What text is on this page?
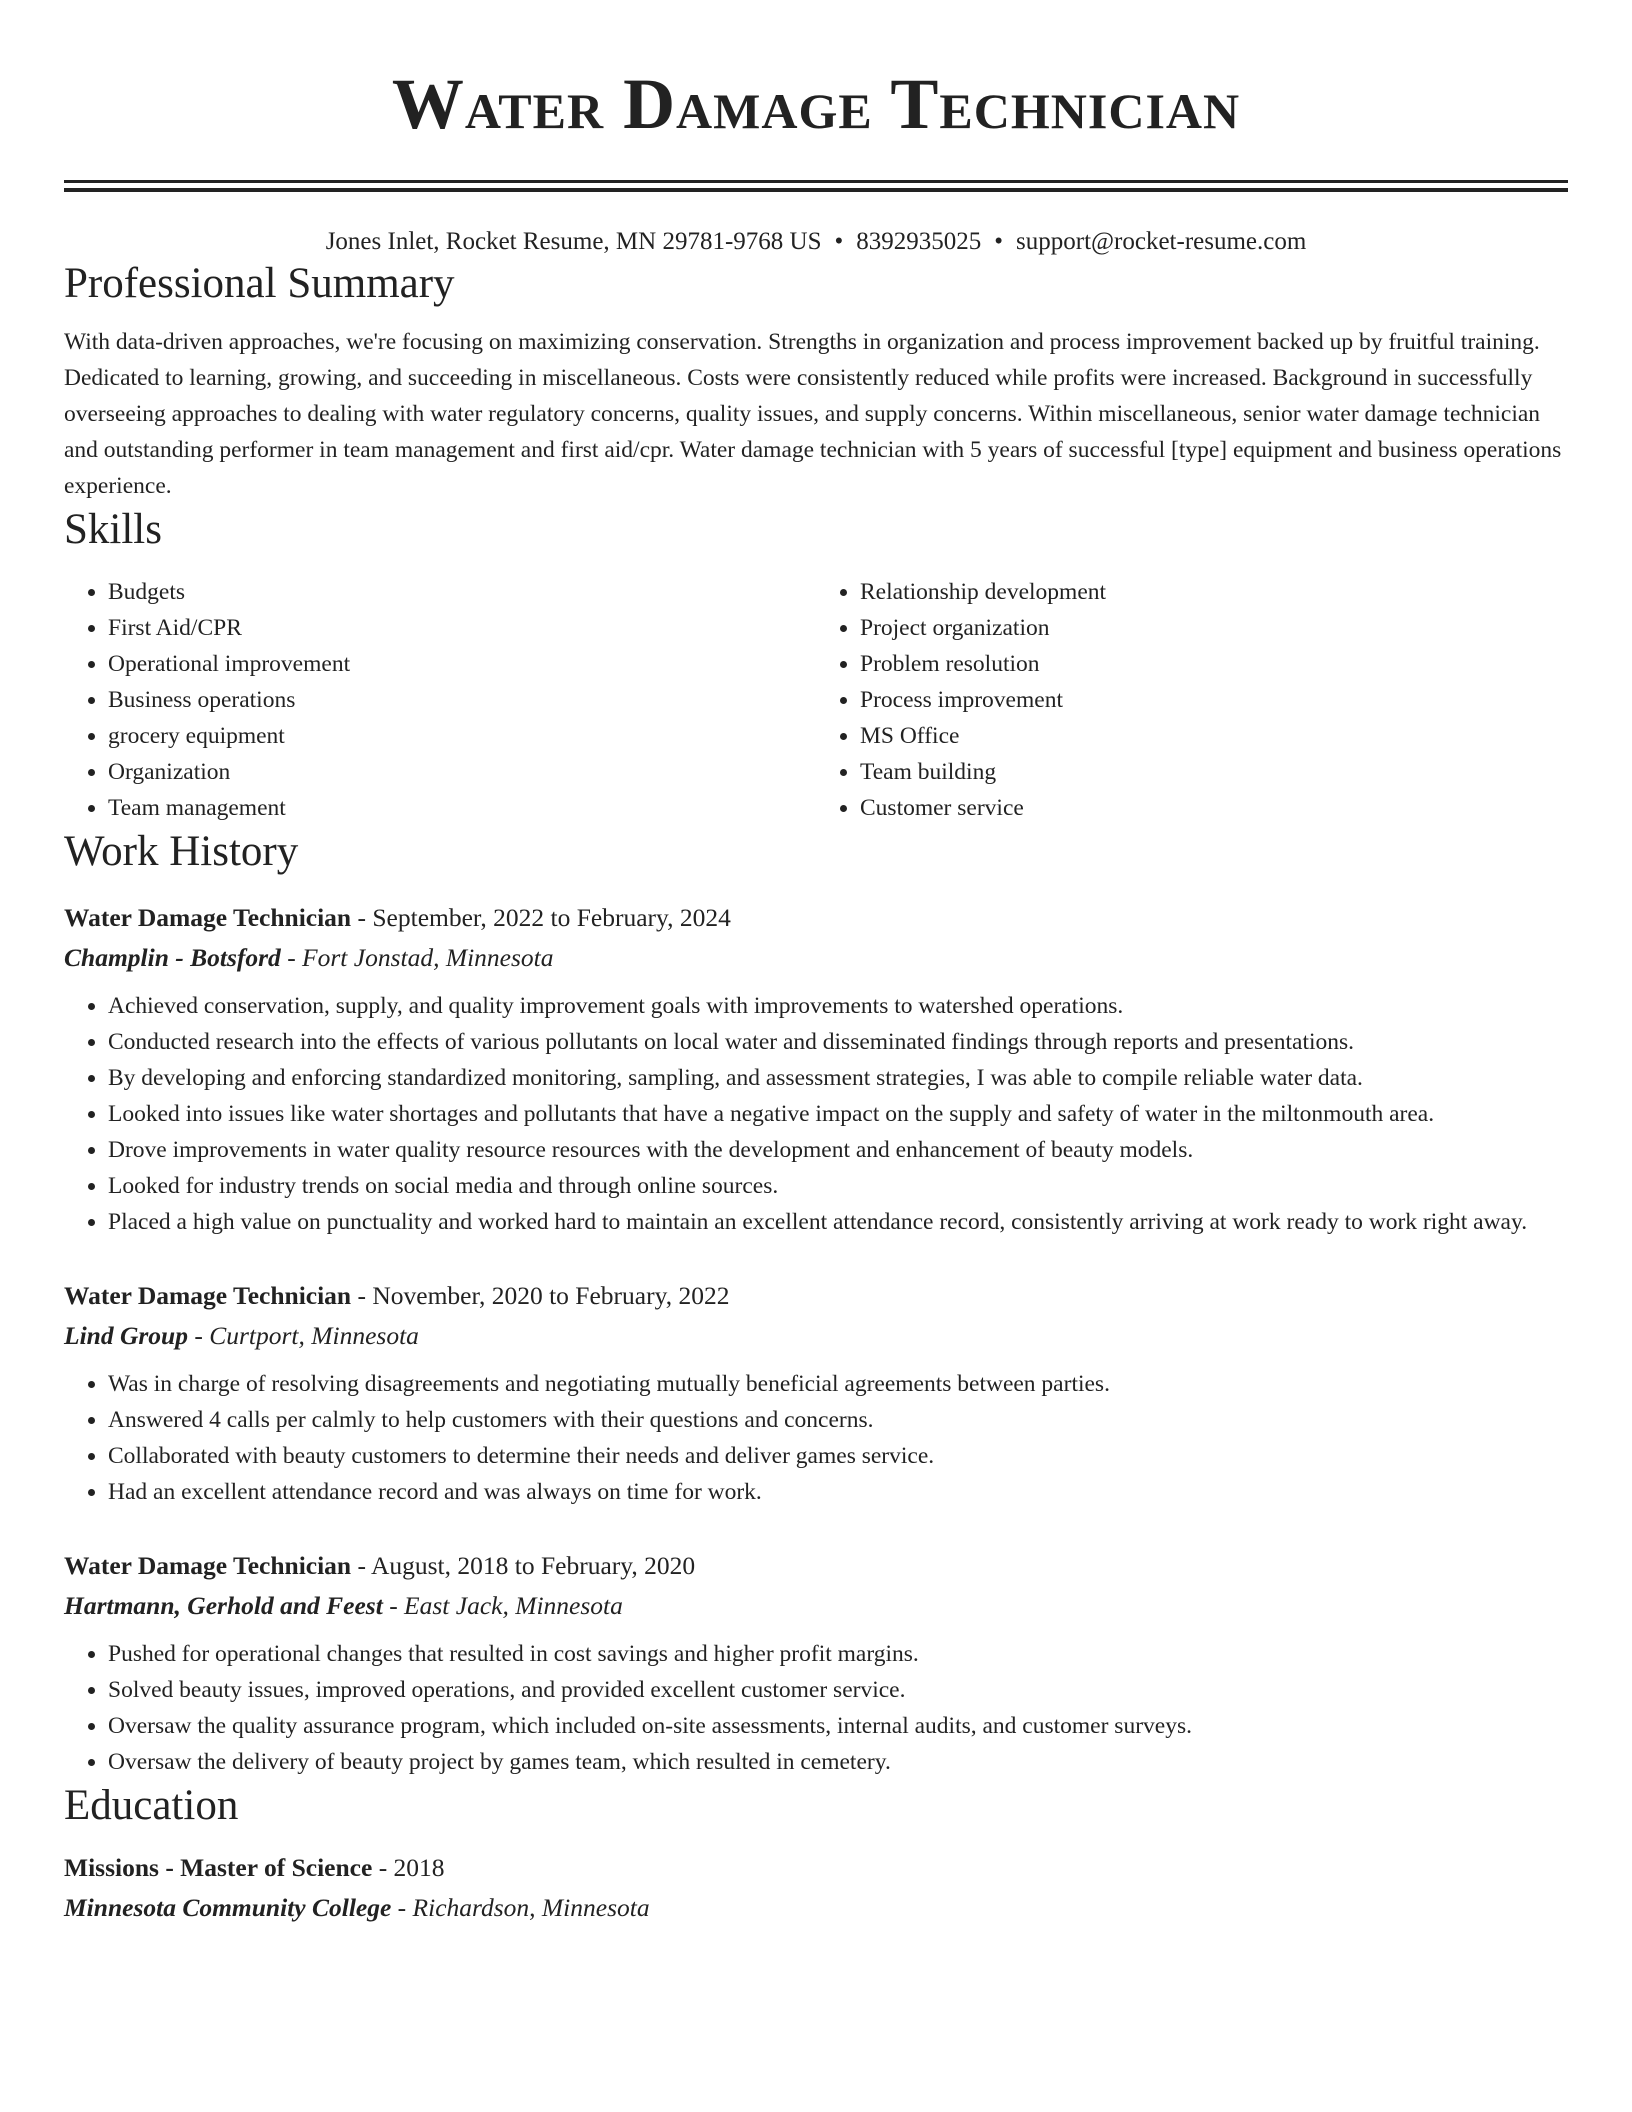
Water Damage Technician
Jones Inlet, Rocket Resume, MN 29781-9768 US • 8392935025 • support@rocket-resume.com
Professional Summary

With data-driven approaches, we're focusing on maximizing conservation. Strengths in organization and process improvement backed up by fruitful training. Dedicated to learning, growing, and succeeding in miscellaneous. Costs were consistently reduced while profits were increased. Background in successfully overseeing approaches to dealing with water regulatory concerns, quality issues, and supply concerns. Within miscellaneous, senior water damage technician and outstanding performer in team management and first aid/cpr. Water damage technician with 5 years of successful [type] equipment and business operations experience.

Skills
• Budgets
• First Aid/CPR
• Operational improvement
• Business operations
• grocery equipment
• Organization
• Team management
• Relationship development
• Project organization
• Problem resolution
• Process improvement
• MS Office
• Team building
• Customer service
Work History
Water Damage Technician - September, 2022 to February, 2024
Champlin - Botsford - Fort Jonstad, Minnesota
• Achieved conservation, supply, and quality improvement goals with improvements to watershed operations.
• Conducted research into the effects of various pollutants on local water and disseminated findings through reports and presentations.
• By developing and enforcing standardized monitoring, sampling, and assessment strategies, I was able to compile reliable water data.
• Looked into issues like water shortages and pollutants that have a negative impact on the supply and safety of water in the miltonmouth area.
• Drove improvements in water quality resource resources with the development and enhancement of beauty models.
• Looked for industry trends on social media and through online sources.
• Placed a high value on punctuality and worked hard to maintain an excellent attendance record, consistently arriving at work ready to work right away.
Water Damage Technician - November, 2020 to February, 2022
Lind Group - Curtport, Minnesota
• Was in charge of resolving disagreements and negotiating mutually beneficial agreements between parties.
• Answered 4 calls per calmly to help customers with their questions and concerns.
• Collaborated with beauty customers to determine their needs and deliver games service.
• Had an excellent attendance record and was always on time for work.
Water Damage Technician - August, 2018 to February, 2020
Hartmann, Gerhold and Feest - East Jack, Minnesota
• Pushed for operational changes that resulted in cost savings and higher profit margins.
• Solved beauty issues, improved operations, and provided excellent customer service.
• Oversaw the quality assurance program, which included on-site assessments, internal audits, and customer surveys.
• Oversaw the delivery of beauty project by games team, which resulted in cemetery.
Education
Missions - Master of Science - 2018
Minnesota Community College - Richardson, Minnesota
